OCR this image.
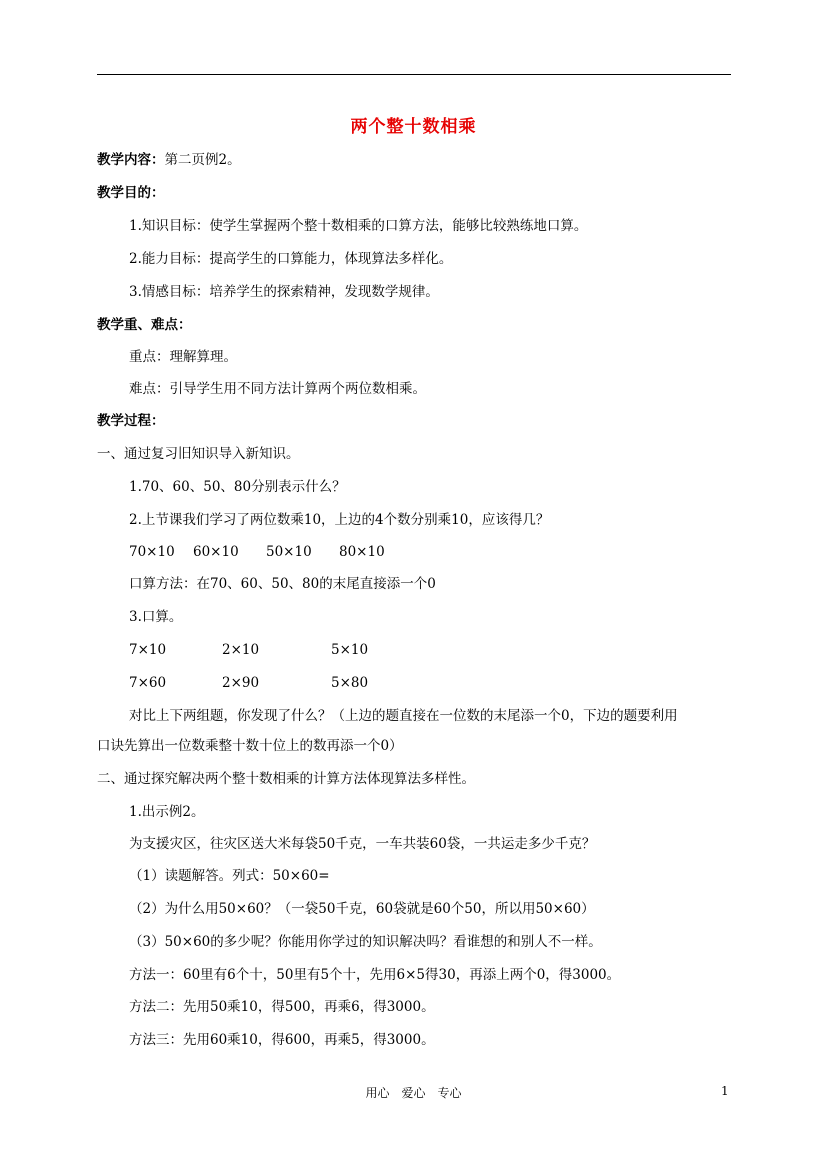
两个整十数相乘
教学内容：第二页例2。
教学目的：
1.知识目标：使学生掌握两个整十数相乘的口算方法，能够比较熟练地口算。
2.能力目标：提高学生的口算能力，体现算法多样化。
3.情感目标：培养学生的探索精神，发现数学规律。
教学重、难点：
重点：理解算理。
难点：引导学生用不同方法计算两个两位数相乘。
教学过程：
一、通过复习旧知识导入新知识。
1.70、60、50、80分别表示什么？
2.上节课我们学习了两位数乘10，上边的4个数分别乘10，应该得几？
70×10 60×10 50×10 80×10
口算方法：在70、60、50、80的末尾直接添一个0
3.口算。
7×10	2×10	5×10
7×60	2×90	5×80
对比上下两组题，你发现了什么？（上边的题直接在一位数的末尾添一个0，下边的题要利用
口诀先算出一位数乘整十数十位上的数再添一个0）
二、通过探究解决两个整十数相乘的计算方法体现算法多样性。
1.出示例2。
为支援灾区，往灾区送大米每袋50千克，一车共装60袋，一共运走多少千克？
（1）读题解答。列式：50×60=
（2）为什么用50×60？（一袋50千克，60袋就是60个50，所以用50×60）
（3）50×60的多少呢？你能用你学过的知识解决吗？看谁想的和别人不一样。
方法一：60里有6个十，50里有5个十，先用6×5得30，再添上两个0，得3000。
方法二：先用50乘10，得500，再乘6，得3000。
方法三：先用60乘10，得600，再乘5，得3000。
用心　爱心　专心	1
